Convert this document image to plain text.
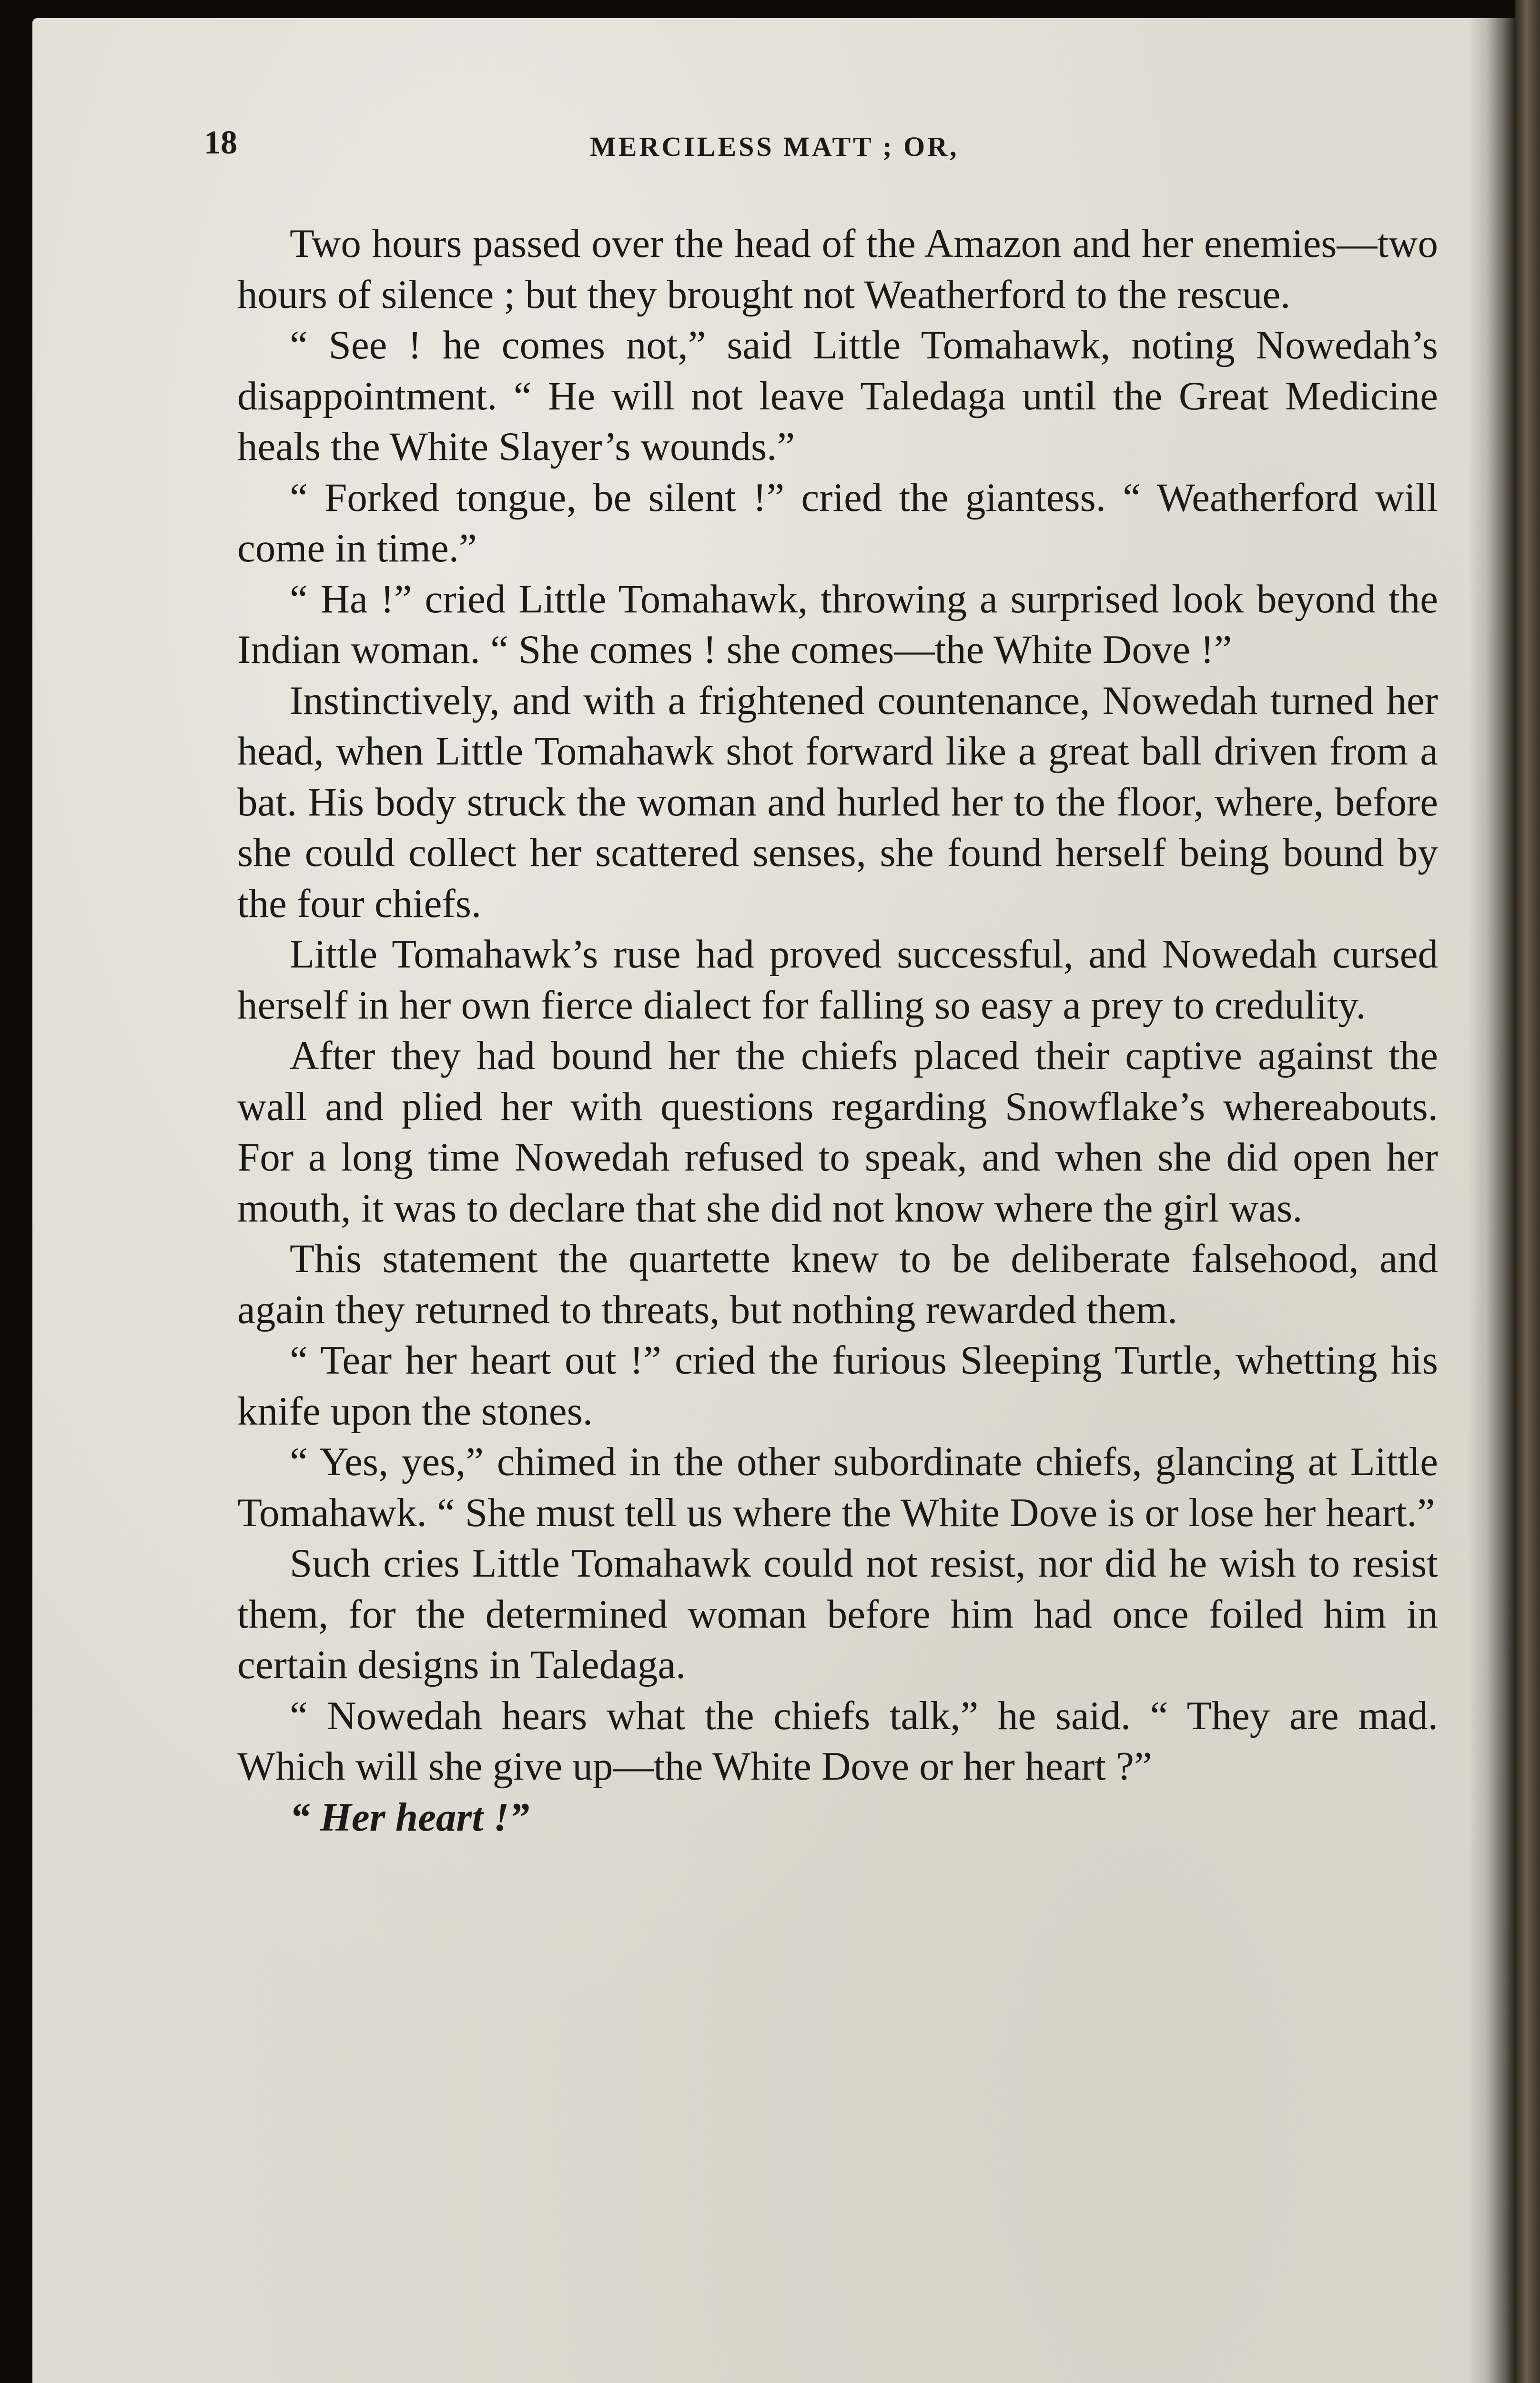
18	MERCILESS MATT ; OR,

Two hours passed over the head of the Amazon and her enemies—two hours of silence ; but they brought not Weatherford to the rescue.

“ See ! he comes not,” said Little Tomahawk, noting Nowedah’s disappointment. “ He will not leave Taledaga until the Great Medicine heals the White Slayer’s wounds.”

“ Forked tongue, be silent !” cried the giantess. “ Weatherford will come in time.”

“ Ha !” cried Little Tomahawk, throwing a surprised look beyond the Indian woman. “ She comes ! she comes—the White Dove !”

Instinctively, and with a frightened countenance, Nowedah turned her head, when Little Tomahawk shot forward like a great ball driven from a bat. His body struck the woman and hurled her to the floor, where, before she could collect her scattered senses, she found herself being bound by the four chiefs.

Little Tomahawk’s ruse had proved successful, and Nowedah cursed herself in her own fierce dialect for falling so easy a prey to credulity.

After they had bound her the chiefs placed their captive against the wall and plied her with questions regarding Snowflake’s whereabouts. For a long time Nowedah refused to speak, and when she did open her mouth, it was to declare that she did not know where the girl was.

This statement the quartette knew to be deliberate falsehood, and again they returned to threats, but nothing rewarded them.

“ Tear her heart out !” cried the furious Sleeping Turtle, whetting his knife upon the stones.

“ Yes, yes,” chimed in the other subordinate chiefs, glancing at Little Tomahawk. “ She must tell us where the White Dove is or lose her heart.”

Such cries Little Tomahawk could not resist, nor did he wish to resist them, for the determined woman before him had once foiled him in certain designs in Taledaga.

“ Nowedah hears what the chiefs talk,” he said. “ They are mad. Which will she give up—the White Dove or her heart ?”

“ Her heart !”
